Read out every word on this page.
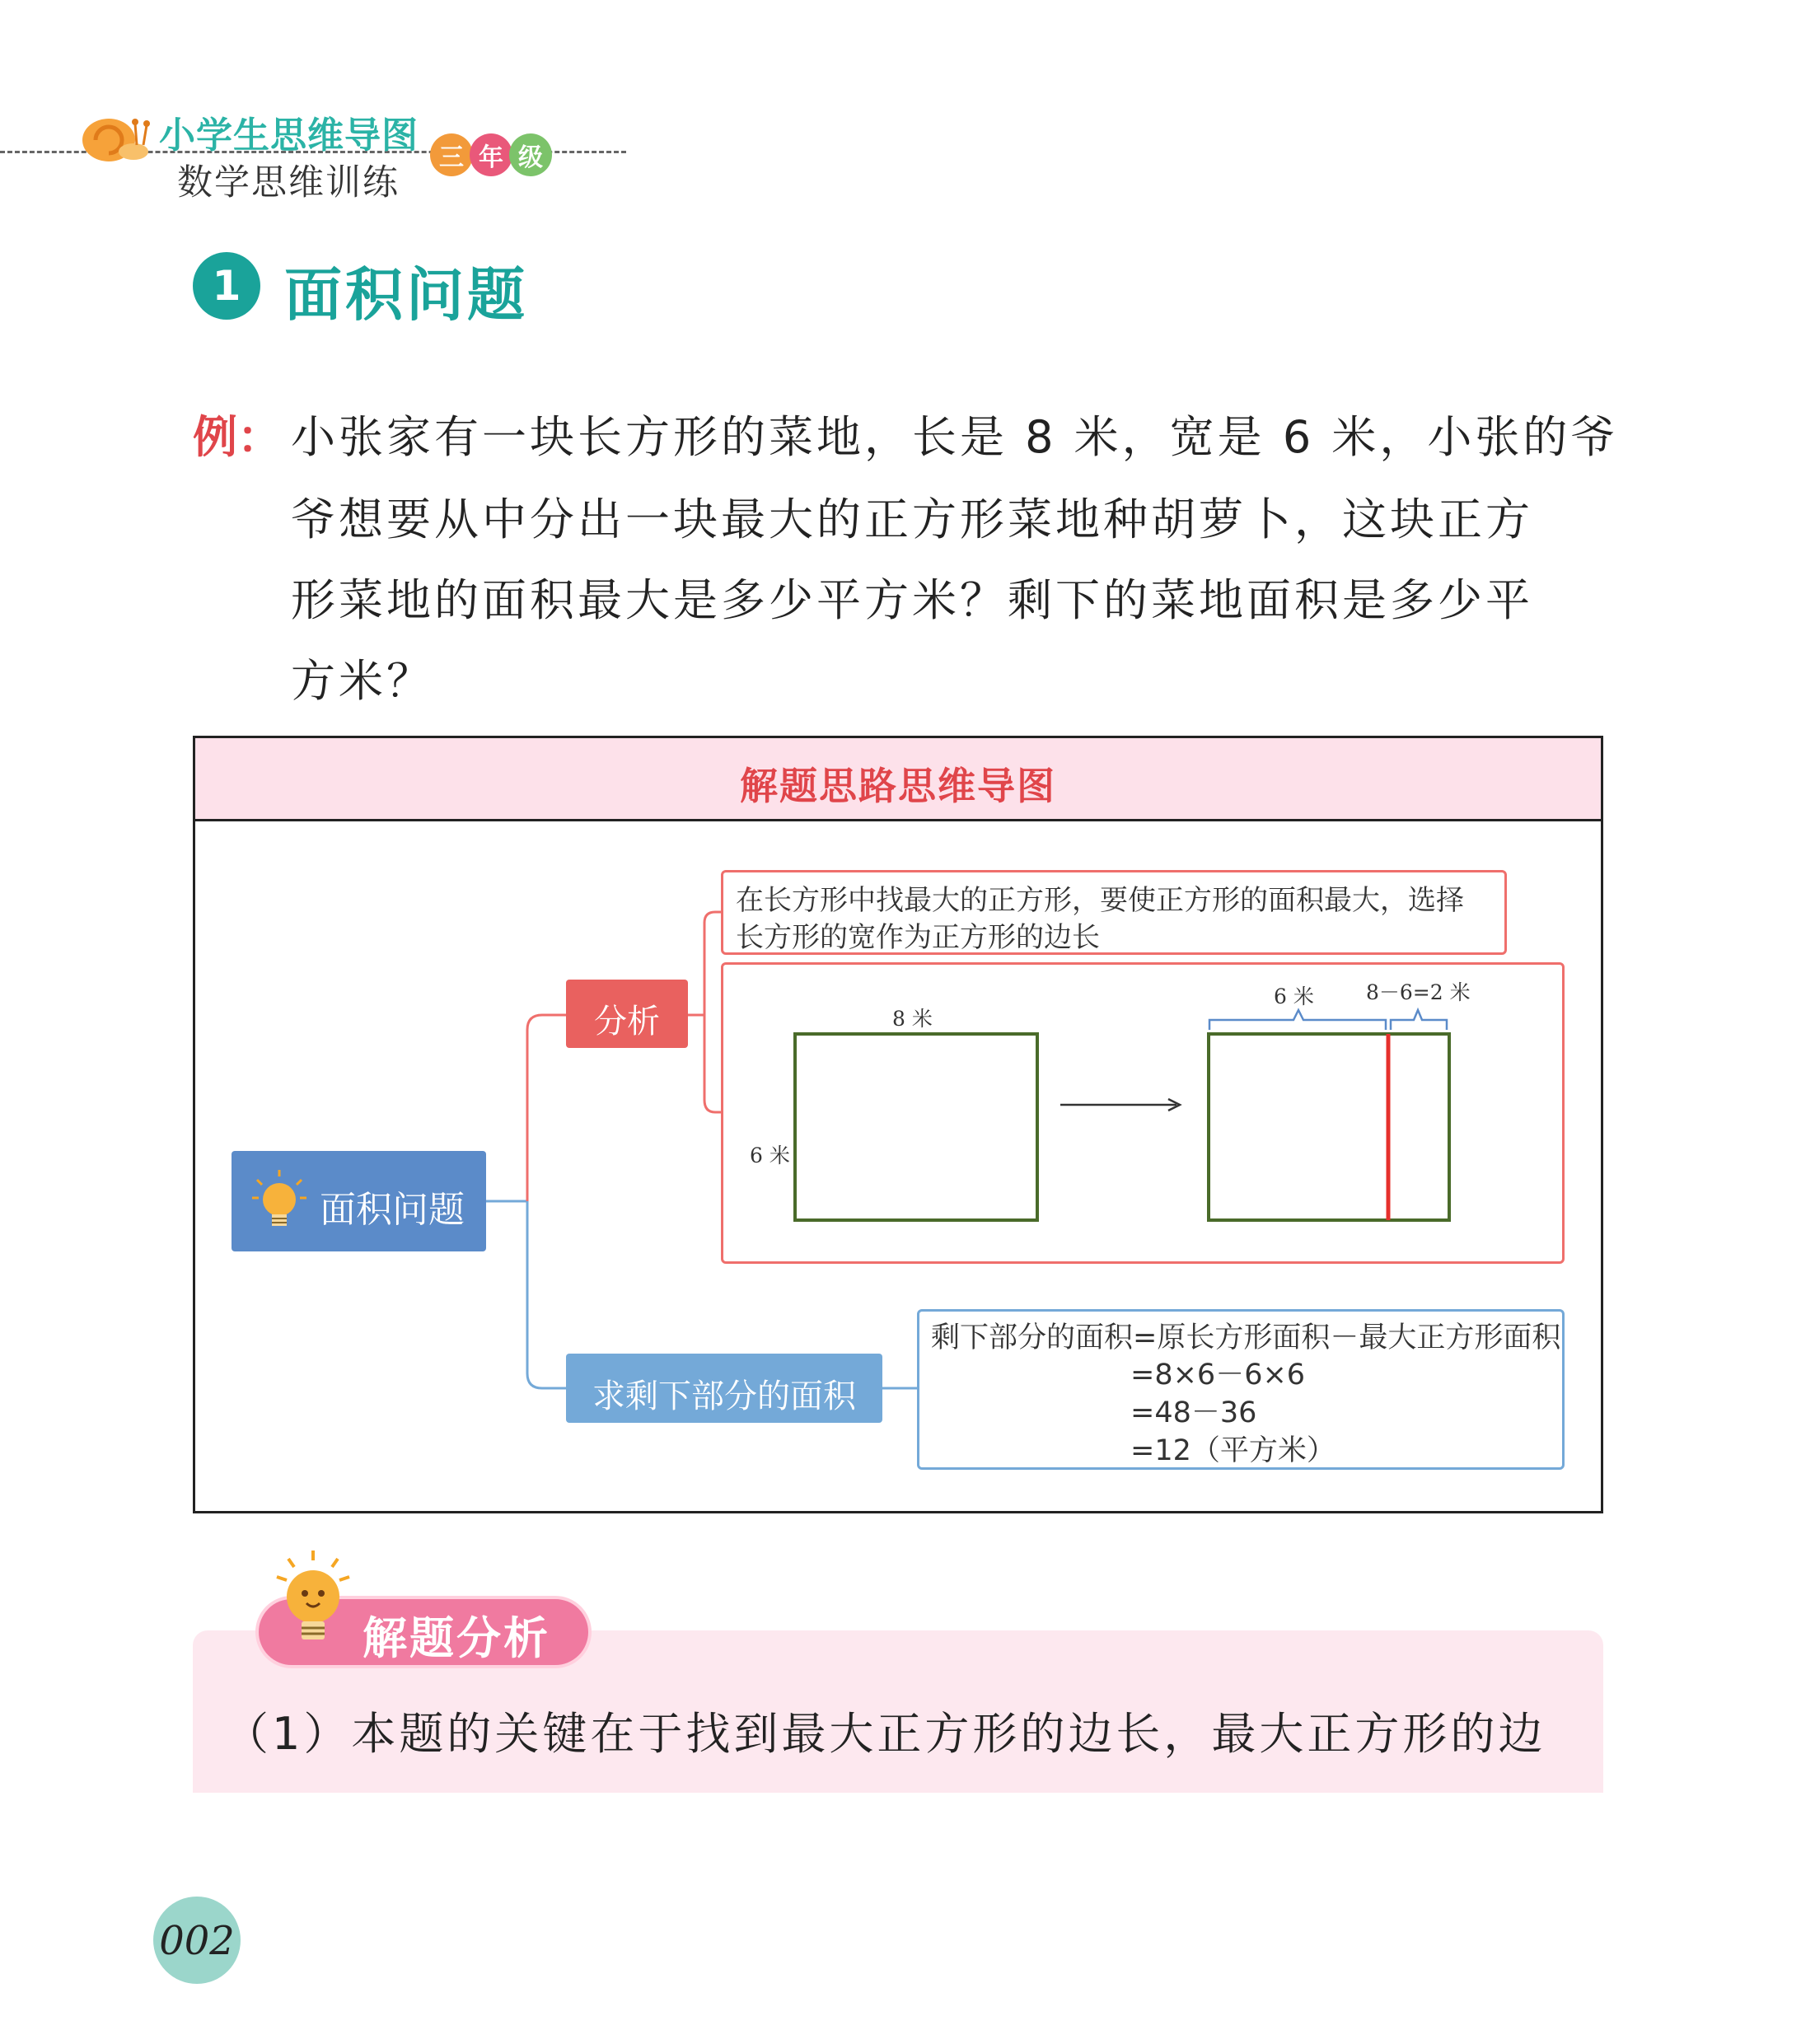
小学生思维导图
数学思维训练
三 年 级
1 面积问题
例： 小张家有一块长方形的菜地，长是 8 米，宽是 6 米，小张的爷
爷想要从中分出一块最大的正方形菜地种胡萝卜，这块正方
形菜地的面积最大是多少平方米？剩下的菜地面积是多少平
方米？
解题思路思维导图
面积问题
分析
在长方形中找最大的正方形，要使正方形的面积最大，选择
长方形的宽作为正方形的边长
8 米
6 米
6 米	8－6=2 米
求剩下部分的面积
剩下部分的面积=原长方形面积－最大正方形面积
=8×6－6×6
=48－36
=12（平方米）
解题分析
（1）本题的关键在于找到最大正方形的边长，最大正方形的边
002
